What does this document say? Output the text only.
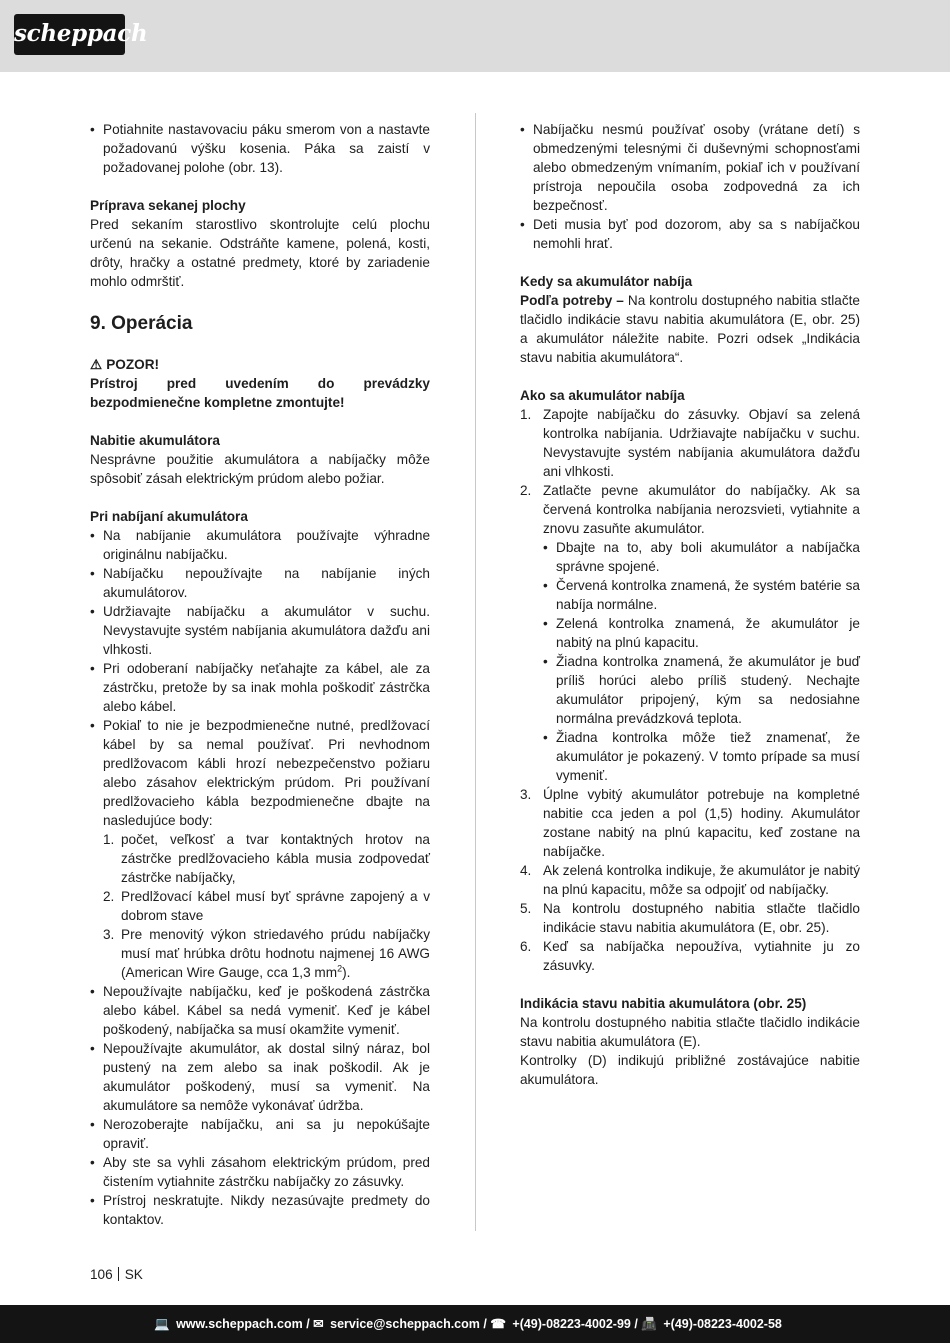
scheppach
• Potiahnite nastavovaciu páku smerom von a nastavte požadovanú výšku kosenia. Páka sa zaistí v požadovanej polohe (obr. 13).

Príprava sekanej plochy

Pred sekaním starostlivo skontrolujte celú plochu určenú na sekanie. Odstráňte kamene, polená, kosti, drôty, hračky a ostatné predmety, ktoré by zariadenie mohlo odmrštiť.

9. Operácia

⚠ POZOR!

Prístroj pred uvedením do prevádzky bezpodmienečne kompletne zmontujte!

Nabitie akumulátora

Nesprávne použitie akumulátora a nabíjačky môže spôsobiť zásah elektrickým prúdom alebo požiar.

Pri nabíjaní akumulátora

• Na nabíjanie akumulátora používajte výhradne originálnu nabíjačku.
• Nabíjačku nepoužívajte na nabíjanie iných akumulátorov.
• Udržiavajte nabíjačku a akumulátor v suchu. Nevystavujte systém nabíjania akumulátora dažďu ani vlhkosti.
• Pri odoberaní nabíjačky neťahajte za kábel, ale za zástrčku, pretože by sa inak mohla poškodiť zástrčka alebo kábel.
• Pokiaľ to nie je bezpodmienečne nutné, predlžovací kábel by sa nemal používať. Pri nevhodnom predlžovacom kábli hrozí nebezpečenstvo požiaru alebo zásahov elektrickým prúdom. Pri používaní predlžovacieho kábla bezpodmienečne dbajte na nasledujúce body:
1. počet, veľkosť a tvar kontaktných hrotov na zástrčke predlžovacieho kábla musia zodpovedať zástrčke nabíjačky,
2. Predlžovací kábel musí byť správne zapojený a v dobrom stave
3. Pre menovitý výkon striedavého prúdu nabíjačky musí mať hrúbka drôtu hodnotu najmenej 16 AWG (American Wire Gauge, cca 1,3 $mm^2$).
• Nepoužívajte nabíjačku, keď je poškodená zástrčka alebo kábel. Kábel sa nedá vymeniť. Keď je kábel poškodený, nabíjačka sa musí okamžite vymeniť.
• Nepoužívajte akumulátor, ak dostal silný náraz, bol pustený na zem alebo sa inak poškodil. Ak je akumulátor poškodený, musí sa vymeniť. Na akumulátore sa nemôže vykonávať údržba.
• Nerozoberajte nabíjačku, ani sa ju nepokúšajte opraviť.
• Aby ste sa vyhli zásahom elektrickým prúdom, pred čistením vytiahnite zástrčku nabíjačky zo zásuvky.
• Prístroj neskratujte. Nikdy nezasúvajte predmety do kontaktov.
• Nabíjačku nesmú používať osoby (vrátane detí) s obmedzenými telesnými či duševnými schopnosťami alebo obmedzeným vnímaním, pokiaľ ich v používaní prístroja nepoučila osoba zodpovedná za ich bezpečnosť.
• Deti musia byť pod dozorom, aby sa s nabíjačkou nemohli hrať.

Kedy sa akumulátor nabíja

Podľa potreby – Na kontrolu dostupného nabitia stlačte tlačidlo indikácie stavu nabitia akumulátora (E, obr. 25) a akumulátor náležite nabite. Pozri odsek „Indikácia stavu nabitia akumulátora“.

Ako sa akumulátor nabíja

1. Zapojte nabíjačku do zásuvky. Objaví sa zelená kontrolka nabíjania. Udržiavajte nabíjačku v suchu. Nevystavujte systém nabíjania akumulátora dažďu ani vlhkosti.
2. Zatlačte pevne akumulátor do nabíjačky. Ak sa červená kontrolka nabíjania nerozsvieti, vytiahnite a znovu zasuňte akumulátor.
• Dbajte na to, aby boli akumulátor a nabíjačka správne spojené.
• Červená kontrolka znamená, že systém batérie sa nabíja normálne.
• Zelená kontrolka znamená, že akumulátor je nabitý na plnú kapacitu.
• Žiadna kontrolka znamená, že akumulátor je buď príliš horúci alebo príliš studený. Nechajte akumulátor pripojený, kým sa nedosiahne normálna prevádzková teplota.
• Žiadna kontrolka môže tiež znamenať, že akumulátor je pokazený. V tomto prípade sa musí vymeniť.
3. Úplne vybitý akumulátor potrebuje na kompletné nabitie cca jeden a pol (1,5) hodiny. Akumulátor zostane nabitý na plnú kapacitu, keď zostane na nabíjačke.
4. Ak zelená kontrolka indikuje, že akumulátor je nabitý na plnú kapacitu, môže sa odpojiť od nabíjačky.
5. Na kontrolu dostupného nabitia stlačte tlačidlo indikácie stavu nabitia akumulátora (E, obr. 25).
6. Keď sa nabíjačka nepoužíva, vytiahnite ju zo zásuvky.

Indikácia stavu nabitia akumulátora (obr. 25)

Na kontrolu dostupného nabitia stlačte tlačidlo indikácie stavu nabitia akumulátora (E).

Kontrolky (D) indikujú približné zostávajúce nabitie akumulátora.

106 SK
💻 www.scheppach.com / ✉ service@scheppach.com / ☎ +(49)-08223-4002-99 / 📠 +(49)-08223-4002-58
